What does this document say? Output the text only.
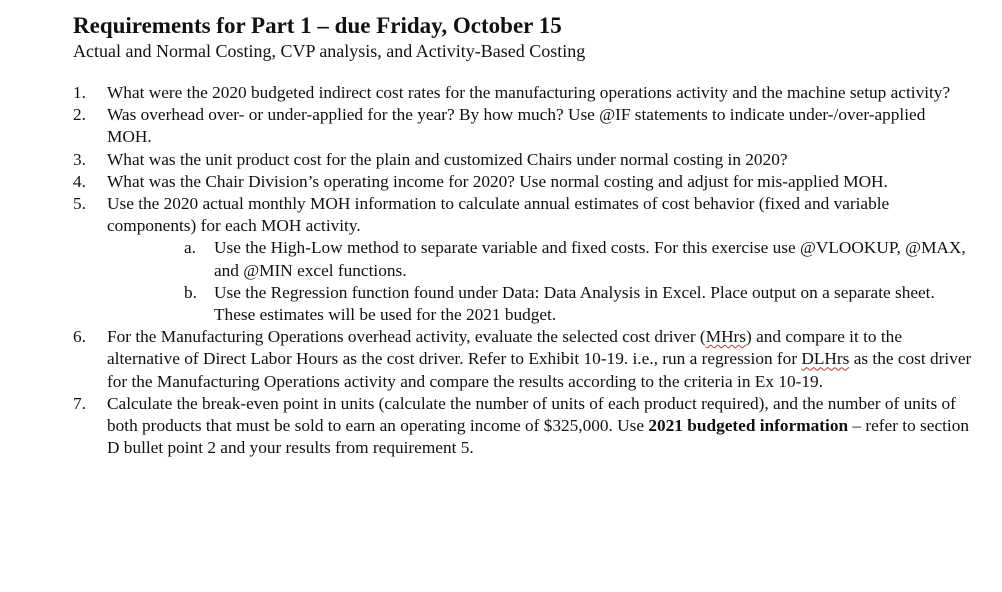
Requirements for Part 1 – due Friday, October 15

Actual and Normal Costing, CVP analysis, and Activity-Based Costing

1.	What were the 2020 budgeted indirect cost rates for the manufacturing operations activity and the machine setup activity?
2.	Was overhead over- or under-applied for the year? By how much? Use @IF statements to indicate under-/over-applied MOH.
3.	What was the unit product cost for the plain and customized Chairs under normal costing in 2020?
4.	What was the Chair Division’s operating income for 2020? Use normal costing and adjust for mis-applied MOH.
5.	Use the 2020 actual monthly MOH information to calculate annual estimates of cost behavior (fixed and variable components) for each MOH activity.
a. Use the High-Low method to separate variable and fixed costs. For this exercise use @VLOOKUP, @MAX, and @MIN excel functions.
b. Use the Regression function found under Data: Data Analysis in Excel. Place output on a separate sheet. These estimates will be used for the 2021 budget.
6.	For the Manufacturing Operations overhead activity, evaluate the selected cost driver (MHrs) and compare it to the alternative of Direct Labor Hours as the cost driver. Refer to Exhibit 10-19. i.e., run a regression for DLHrs as the cost driver for the Manufacturing Operations activity and compare the results according to the criteria in Ex 10-19.
7.	Calculate the break-even point in units (calculate the number of units of each product required), and the number of units of both products that must be sold to earn an operating income of $325,000. Use 2021 budgeted information – refer to section D bullet point 2 and your results from requirement 5.
